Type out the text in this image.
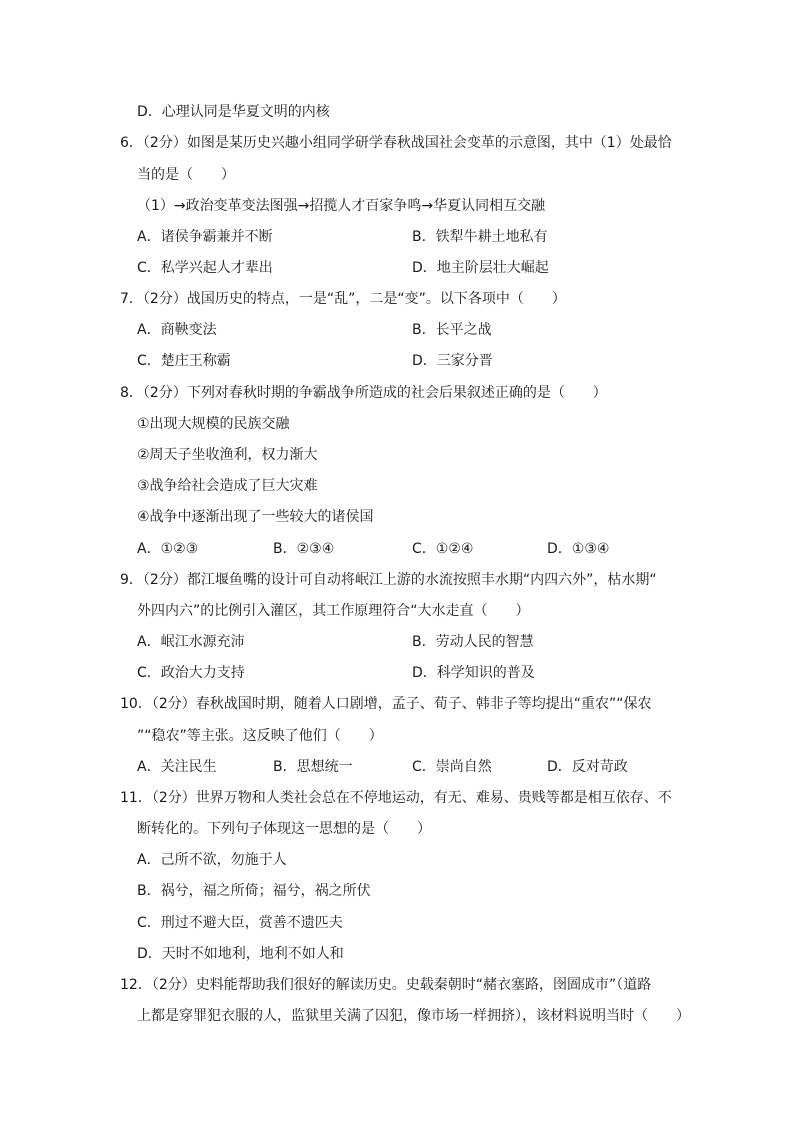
D．心理认同是华夏文明的内核
6．（2分）如图是某历史兴趣小组同学研学春秋战国社会变革的示意图，其中（1）处最恰
当的是（　　）
（1）→政治变革变法图强→招揽人才百家争鸣→华夏认同相互交融
A．诸侯争霸兼并不断	B．铁犁牛耕土地私有
C．私学兴起人才辈出	D．地主阶层壮大崛起
7．（2分）战国历史的特点，一是“乱”，二是“变”。以下各项中（　　）
A．商鞅变法	B．长平之战
C．楚庄王称霸	D．三家分晋
8．（2分）下列对春秋时期的争霸战争所造成的社会后果叙述正确的是（　　）
①出现大规模的民族交融
②周天子坐收渔利，权力渐大
③战争给社会造成了巨大灾难
④战争中逐渐出现了一些较大的诸侯国
A．①②③	B．②③④	C．①②④	D．①③④
9．（2分）都江堰鱼嘴的设计可自动将岷江上游的水流按照丰水期“内四六外”，枯水期“
外四内六”的比例引入灌区，其工作原理符合“大水走直（　　）
A．岷江水源充沛	B．劳动人民的智慧
C．政治大力支持	D．科学知识的普及
10．（2分）春秋战国时期，随着人口剧增，孟子、荀子、韩非子等均提出“重农”“保农
”“稳农”等主张。这反映了他们（　　）
A．关注民生	B．思想统一	C．崇尚自然	D．反对苛政
11．（2分）世界万物和人类社会总在不停地运动，有无、难易、贵贱等都是相互依存、不
断转化的。下列句子体现这一思想的是（　　）
A．己所不欲，勿施于人
B．祸兮，福之所倚；福兮，祸之所伏
C．刑过不避大臣，赏善不遗匹夫
D．天时不如地利，地利不如人和
12．（2分）史料能帮助我们很好的解读历史。史载秦朝时“赭衣塞路，囹圄成市”（道路
上都是穿罪犯衣服的人，监狱里关满了囚犯，像市场一样拥挤），该材料说明当时（　　）
